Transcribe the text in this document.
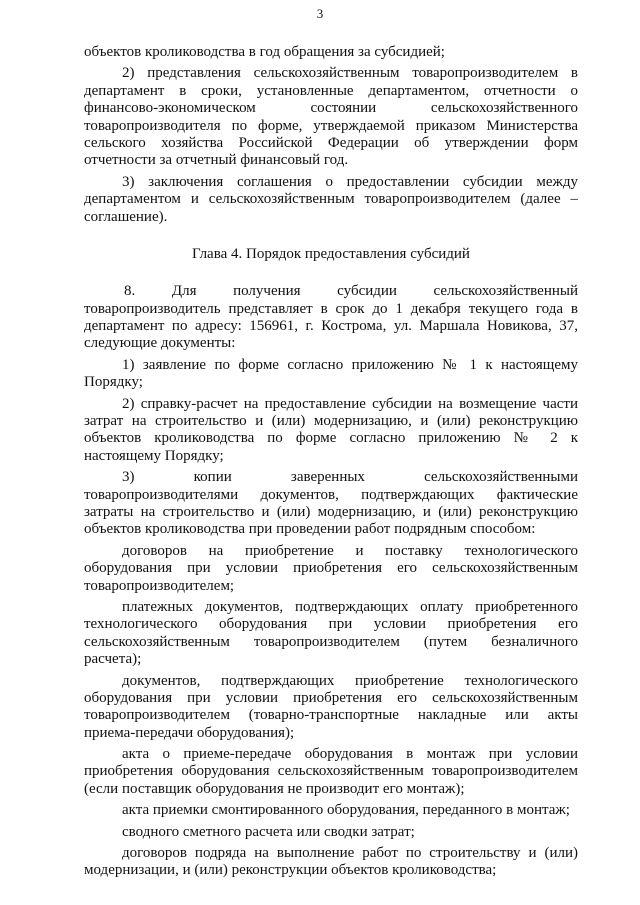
3
объектов кролиководства в год обращения за субсидией;
2) представления сельскохозяйственным товаропроизводителем в
департамент в сроки, установленные департаментом, отчетности о
финансово-экономическом состоянии сельскохозяйственного
товаропроизводителя по форме, утверждаемой приказом Министерства
сельского хозяйства Российской Федерации об утверждении форм
отчетности за отчетный финансовый год.
3) заключения соглашения о предоставлении субсидии между
департаментом и сельскохозяйственным товаропроизводителем (далее –
соглашение).
Глава 4. Порядок предоставления субсидий
8. Для получения субсидии сельскохозяйственный
товаропроизводитель представляет в срок до 1 декабря текущего года в
департамент по адресу: 156961, г. Кострома, ул. Маршала Новикова, 37,
следующие документы:
1) заявление по форме согласно приложению № 1 к настоящему
Порядку;
2) справку-расчет на предоставление субсидии на возмещение части
затрат на строительство и (или) модернизацию, и (или) реконструкцию
объектов кролиководства по форме согласно приложению № 2 к
настоящему Порядку;
3) копии заверенных сельскохозяйственными
товаропроизводителями документов, подтверждающих фактические
затраты на строительство и (или) модернизацию, и (или) реконструкцию
объектов кролиководства при проведении работ подрядным способом:
договоров на приобретение и поставку технологического
оборудования при условии приобретения его сельскохозяйственным
товаропроизводителем;
платежных документов, подтверждающих оплату приобретенного
технологического оборудования при условии приобретения его
сельскохозяйственным товаропроизводителем (путем безналичного
расчета);
документов, подтверждающих приобретение технологического
оборудования при условии приобретения его сельскохозяйственным
товаропроизводителем (товарно-транспортные накладные или акты
приема-передачи оборудования);
акта о приеме-передаче оборудования в монтаж при условии
приобретения оборудования сельскохозяйственным товаропроизводителем
(если поставщик оборудования не производит его монтаж);
акта приемки смонтированного оборудования, переданного в монтаж;
сводного сметного расчета или сводки затрат;
договоров подряда на выполнение работ по строительству и (или)
модернизации, и (или) реконструкции объектов кролиководства;
